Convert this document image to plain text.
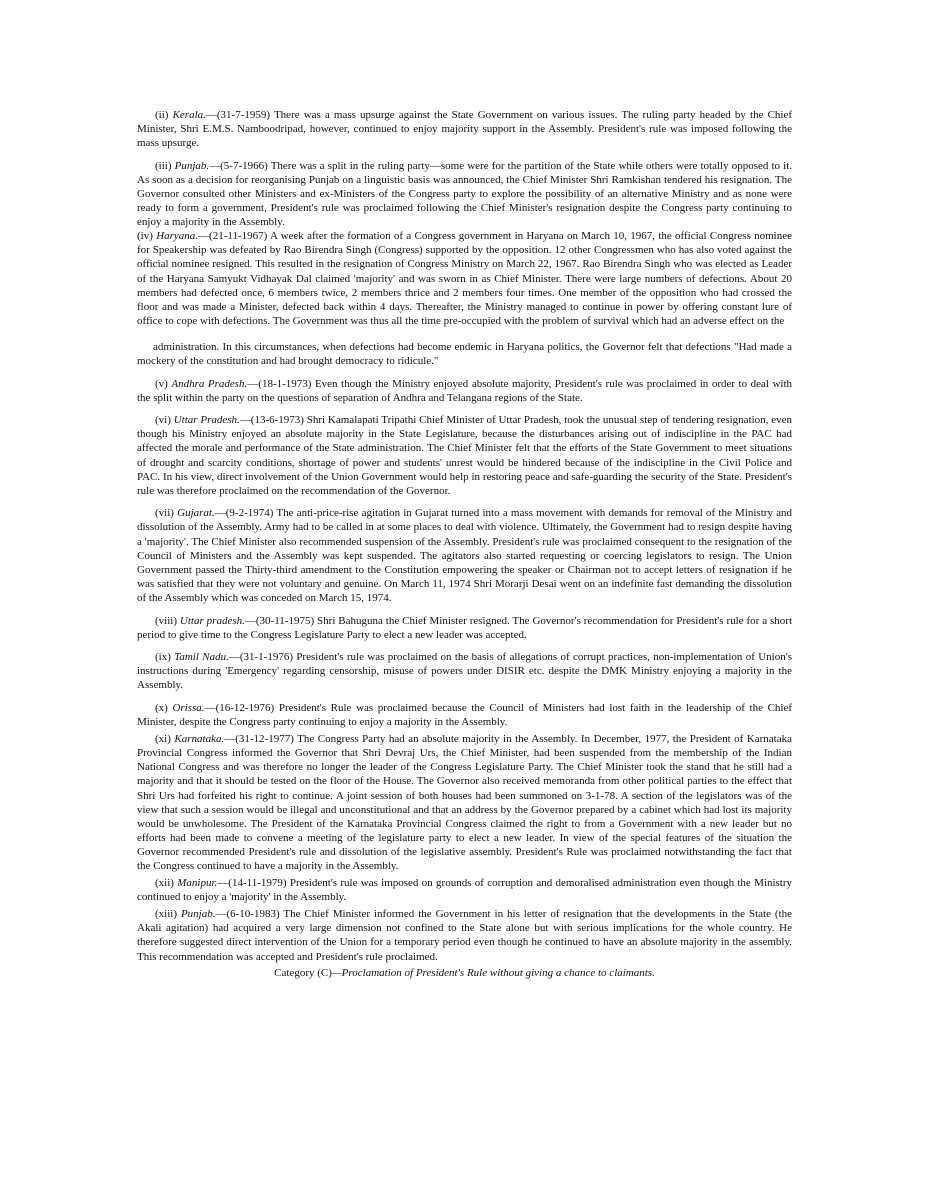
(ii) Kerala.—(31-7-1959) There was a mass upsurge against the State Government on various issues. The ruling party headed by the Chief Minister, Shri E.M.S. Namboodripad, however, continued to enjoy majority support in the Assembly. President's rule was imposed following the mass upsurge.

(iii) Punjab.—(5-7-1966) There was a split in the ruling party—some were for the partition of the State while others were totally opposed to it. As soon as a decision for reorganising Punjab on a linguistic basis was announced, the Chief Minister Shri Ramkishan tendered his resignation. The Governor consulted other Ministers and ex-Ministers of the Congress party to explore the possibility of an alternative Ministry and as none were ready to form a government, President's rule was proclaimed following the Chief Minister's resignation despite the Congress party continuing to enjoy a majority in the Assembly.

(iv) Haryana.—(21-11-1967) A week after the formation of a Congress government in Haryana on March 10, 1967, the official Congress nominee for Speakership was defeated by Rao Birendra Singh (Congress) supported by the opposition. 12 other Congressmen who has also voted against the official nominee resigned. This resulted in the resignation of Congress Ministry on March 22, 1967. Rao Birendra Singh who was elected as Leader of the Haryana Samyukt Vidhayak Dal claimed 'majority' and was sworn in as Chief Minister. There were large numbers of defections. About 20 members had defected once, 6 members twice, 2 members thrice and 2 members four times. One member of the opposition who had crossed the floor and was made a Minister, defected back within 4 days. Thereafter, the Ministry managed to continue in power by offering constant lure of office to cope with defections. The Government was thus all the time pre-occupied with the problem of survival which had an adverse effect on the

administration. In this circumstances, when defections had become endemic in Haryana politics, the Governor felt that defections "Had made a mockery of the constitution and had brought democracy to ridicule."

(v) Andhra Pradesh.—(18-1-1973) Even though the Ministry enjoyed absolute majority, President's rule was proclaimed in order to deal with the split within the party on the questions of separation of Andhra and Telangana regions of the State.

(vi) Uttar Pradesh.—(13-6-1973) Shri Kamalapati Tripathi Chief Minister of Uttar Pradesh, took the unusual step of tendering resignation, even though his Ministry enjoyed an absolute majority in the State Legislature, because the disturbances arising out of indiscipline in the PAC had affected the morale and performance of the State administration. The Chief Minister felt that the efforts of the State Government to meet situations of drought and scarcity conditions, shortage of power and students' unrest would be hindered because of the indiscipline in the Civil Police and PAC. In his view, direct involvement of the Union Government would help in restoring peace and safe-guarding the security of the State. President's rule was therefore proclaimed on the recommendation of the Governor.

(vii) Gujarat.—(9-2-1974) The anti-price-rise agitation in Gujarat turned into a mass movement with demands for removal of the Ministry and dissolution of the Assembly. Army had to be called in at some places to deal with violence. Ultimately, the Government had to resign despite having a 'majority'. The Chief Minister also recommended suspension of the Assembly. President's rule was proclaimed consequent to the resignation of the Council of Ministers and the Assembly was kept suspended. The agitators also started requesting or coercing legislators to resign. The Union Government passed the Thirty-third amendment to the Constitution empowering the speaker or Chairman not to accept letters of resignation if he was satisfied that they were not voluntary and genuine. On March 11, 1974 Shri Morarji Desai went on an indefinite fast demanding the dissolution of the Assembly which was conceded on March 15, 1974.

(viii) Uttar pradesh.—(30-11-1975) Shri Bahuguna the Chief Minister resigned. The Governor's recommendation for President's rule for a short period to give time to the Congress Legislature Party to elect a new leader was accepted.

(ix) Tamil Nadu.—(31-1-1976) President's rule was proclaimed on the basis of allegations of corrupt practices, non-implementation of Union's instructions during 'Emergency' regarding censorship, misuse of powers under DISIR etc. despite the DMK Ministry enjoying a majority in the Assembly.

(x) Orissa.—(16-12-1976) President's Rule was proclaimed because the Council of Ministers had lost faith in the leadership of the Chief Minister, despite the Congress party continuing to enjoy a majority in the Assembly.

(xi) Karnataka.—(31-12-1977) The Congress Party had an absolute majority in the Assembly. In December, 1977, the President of Karnataka Provincial Congress informed the Governor that Shri Devraj Urs, the Chief Minister, had been suspended from the membership of the Indian National Congress and was therefore no longer the leader of the Congress Legislature Party. The Chief Minister took the stand that he still had a majority and that it should be tested on the floor of the House. The Governor also received memoranda from other political parties to the effect that Shri Urs had forfeited his right to continue. A joint session of both houses had been summoned on 3-1-78. A section of the legislators was of the view that such a session would be illegal and unconstitutional and that an address by the Governor prepared by a cabinet which had lost its majority would be unwholesome. The President of the Karnataka Provincial Congress claimed the right to from a Government with a new leader but no efforts had been made to convene a meeting of the legislature party to elect a new leader. In view of the special features of the situation the Governor recommended President's rule and dissolution of the legislative assembly. President's Rule was proclaimed notwithstanding the fact that the Congress continued to have a majority in the Assembly.

(xii) Manipur.—(14-11-1979) President's rule was imposed on grounds of corruption and demoralised administration even though the Ministry continued to enjoy a 'majority' in the Assembly.

(xiii) Punjab.—(6-10-1983) The Chief Minister informed the Government in his letter of resignation that the developments in the State (the Akali agitation) had acquired a very large dimension not confined to the State alone but with serious implications for the whole country. He therefore suggested direct intervention of the Union for a temporary period even though he continued to have an absolute majority in the assembly. This recommendation was accepted and President's rule proclaimed.

Category (C)—Proclamation of President's Rule without giving a chance to claimants.
